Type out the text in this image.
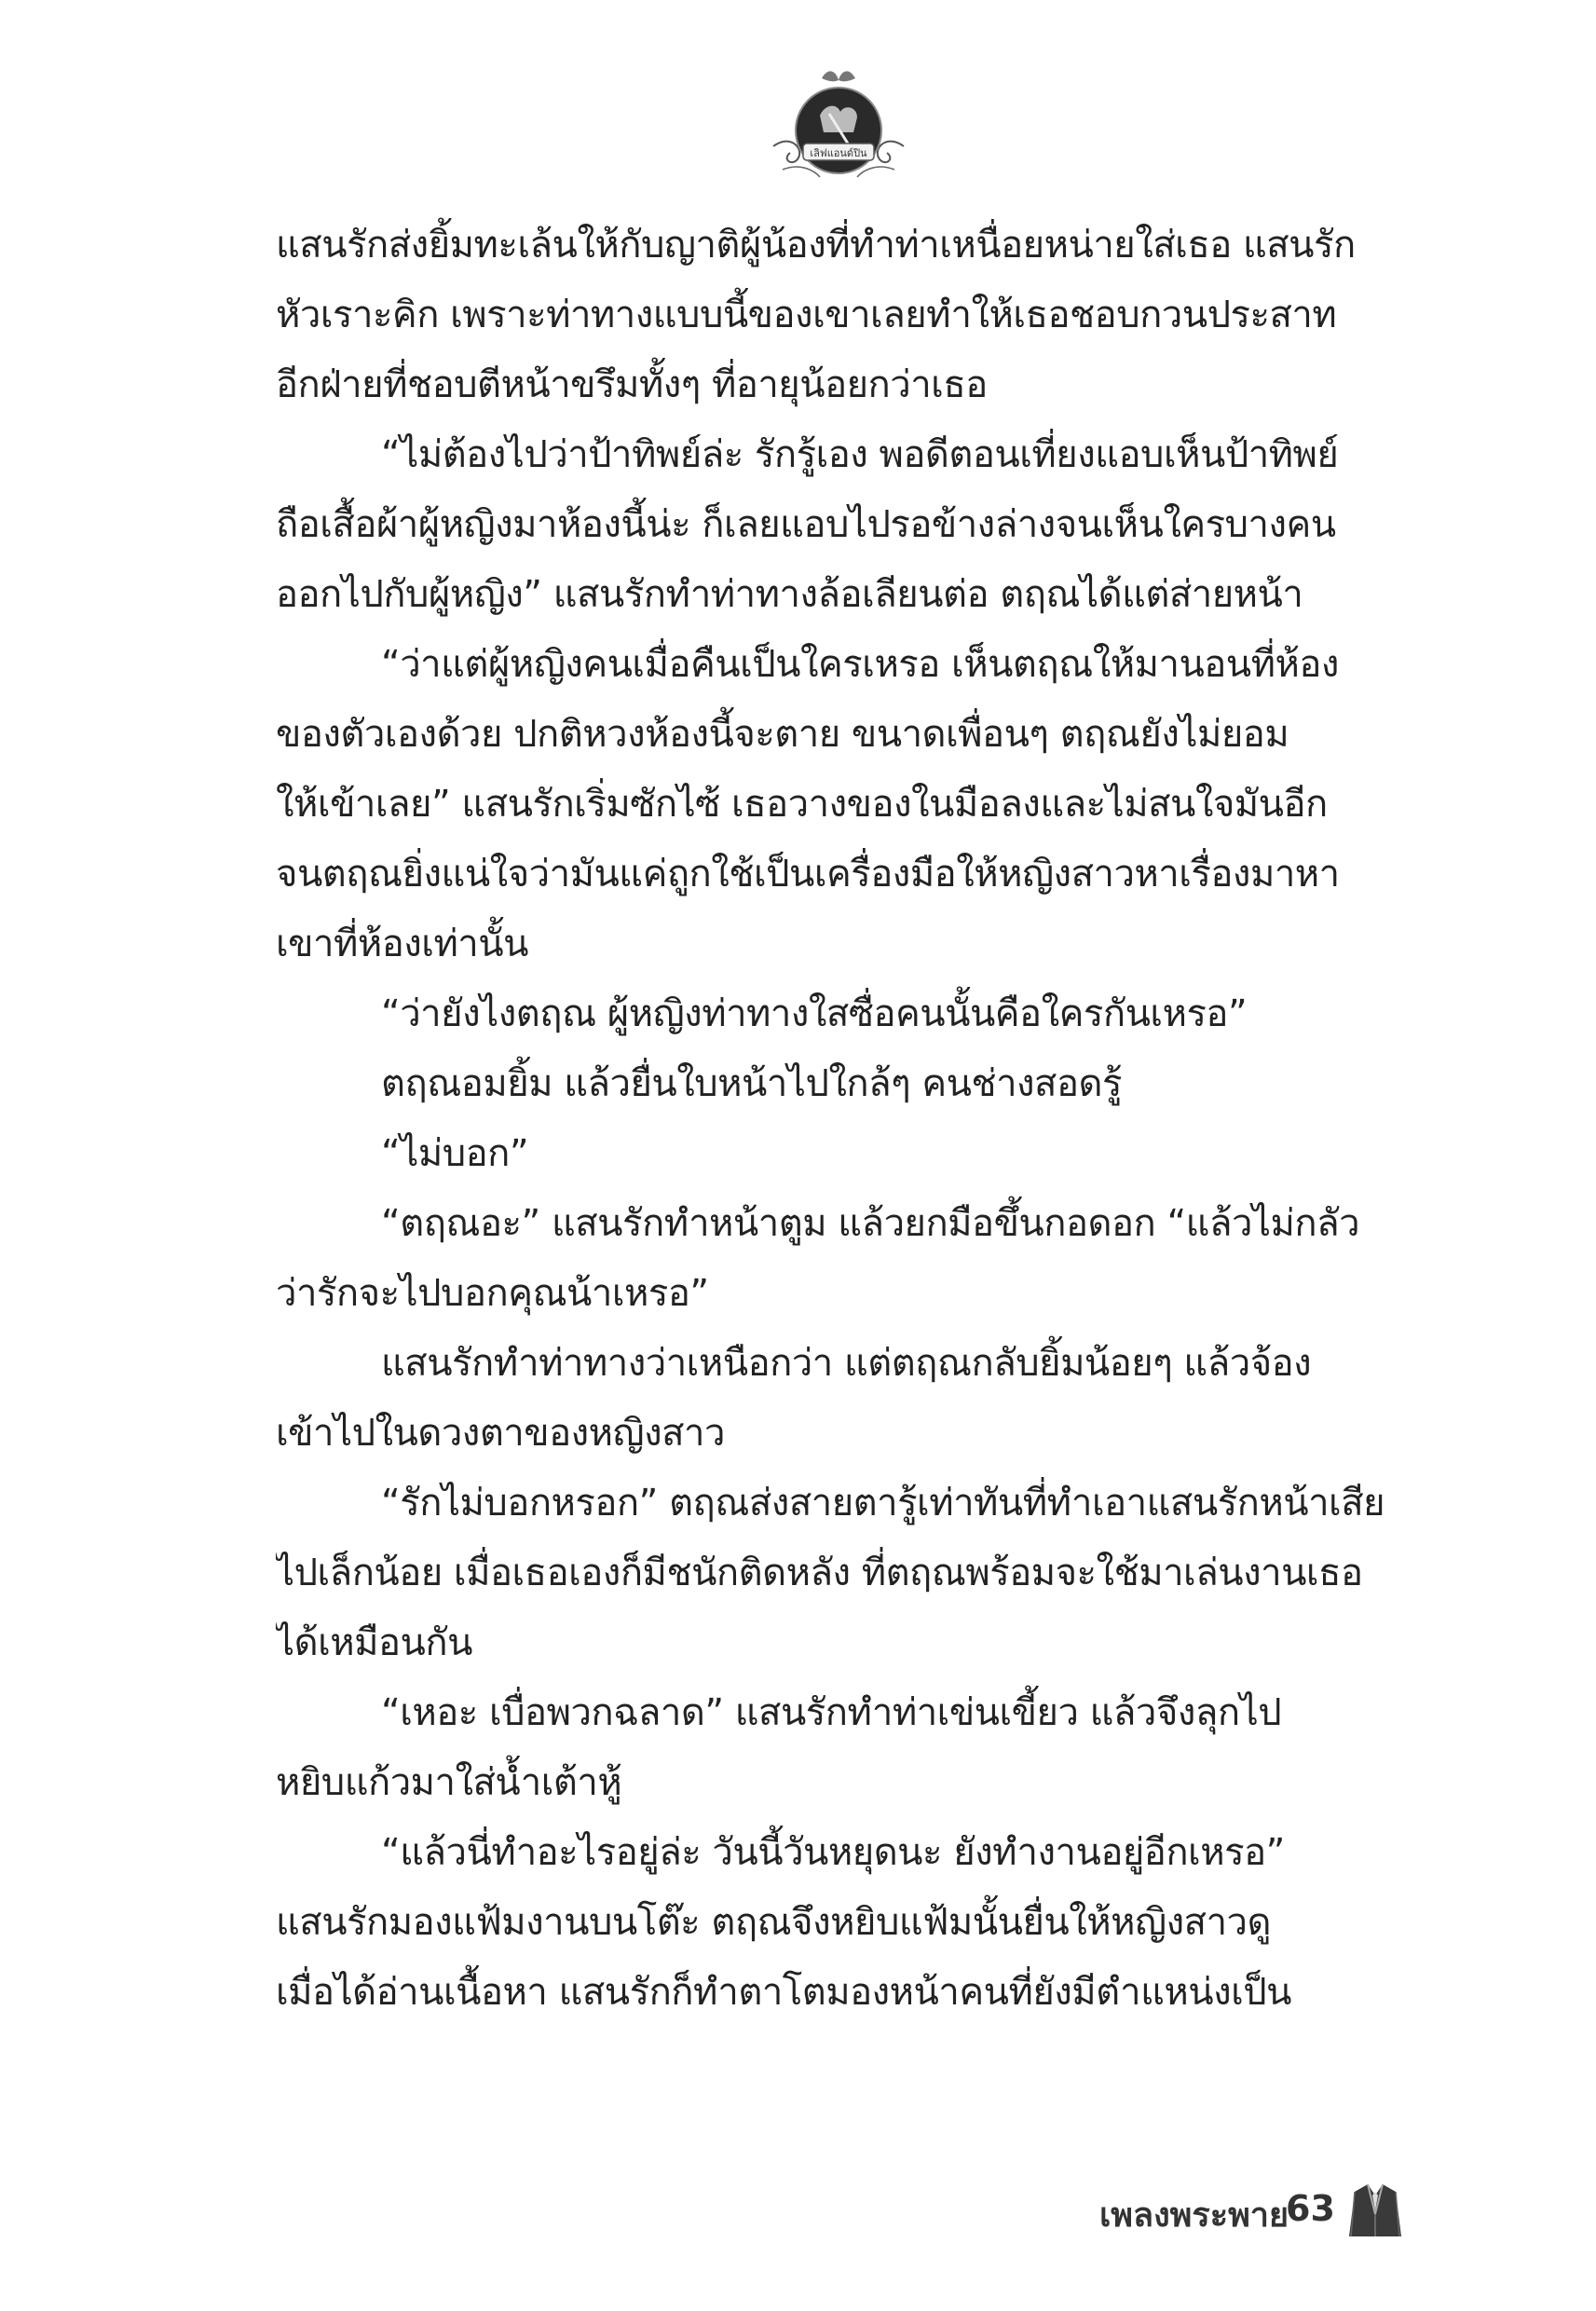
เลิฟแอนด์ปิน
แสนรักส่งยิ้มทะเล้นให้กับญาติผู้น้องที่ทำท่าเหนื่อยหน่ายใส่เธอ แสนรัก
หัวเราะคิก เพราะท่าทางแบบนี้ของเขาเลยทำให้เธอชอบกวนประสาท
อีกฝ่ายที่ชอบตีหน้าขรึมทั้งๆ ที่อายุน้อยกว่าเธอ
“ไม่ต้องไปว่าป้าทิพย์ล่ะ รักรู้เอง พอดีตอนเที่ยงแอบเห็นป้าทิพย์
ถือเสื้อผ้าผู้หญิงมาห้องนี้น่ะ ก็เลยแอบไปรอข้างล่างจนเห็นใครบางคน
ออกไปกับผู้หญิง” แสนรักทำท่าทางล้อเลียนต่อ ตฤณได้แต่ส่ายหน้า
“ว่าแต่ผู้หญิงคนเมื่อคืนเป็นใครเหรอ เห็นตฤณให้มานอนที่ห้อง
ของตัวเองด้วย ปกติหวงห้องนี้จะตาย ขนาดเพื่อนๆ ตฤณยังไม่ยอม
ให้เข้าเลย” แสนรักเริ่มซักไซ้ เธอวางของในมือลงและไม่สนใจมันอีก
จนตฤณยิ่งแน่ใจว่ามันแค่ถูกใช้เป็นเครื่องมือให้หญิงสาวหาเรื่องมาหา
เขาที่ห้องเท่านั้น
“ว่ายังไงตฤณ ผู้หญิงท่าทางใสซื่อคนนั้นคือใครกันเหรอ”
ตฤณอมยิ้ม แล้วยื่นใบหน้าไปใกล้ๆ คนช่างสอดรู้
“ไม่บอก”
“ตฤณอะ” แสนรักทำหน้าตูม แล้วยกมือขึ้นกอดอก “แล้วไม่กลัว
ว่ารักจะไปบอกคุณน้าเหรอ”
แสนรักทำท่าทางว่าเหนือกว่า แต่ตฤณกลับยิ้มน้อยๆ แล้วจ้อง
เข้าไปในดวงตาของหญิงสาว
“รักไม่บอกหรอก” ตฤณส่งสายตารู้เท่าทันที่ทำเอาแสนรักหน้าเสีย
ไปเล็กน้อย เมื่อเธอเองก็มีชนักติดหลัง ที่ตฤณพร้อมจะใช้มาเล่นงานเธอ
ได้เหมือนกัน
“เหอะ เบื่อพวกฉลาด” แสนรักทำท่าเข่นเขี้ยว แล้วจึงลุกไป
หยิบแก้วมาใส่น้ำเต้าหู้
“แล้วนี่ทำอะไรอยู่ล่ะ วันนี้วันหยุดนะ ยังทำงานอยู่อีกเหรอ”
แสนรักมองแฟ้มงานบนโต๊ะ ตฤณจึงหยิบแฟ้มนั้นยื่นให้หญิงสาวดู
เมื่อได้อ่านเนื้อหา แสนรักก็ทำตาโตมองหน้าคนที่ยังมีตำแหน่งเป็น
เพลงพระพาย
63
